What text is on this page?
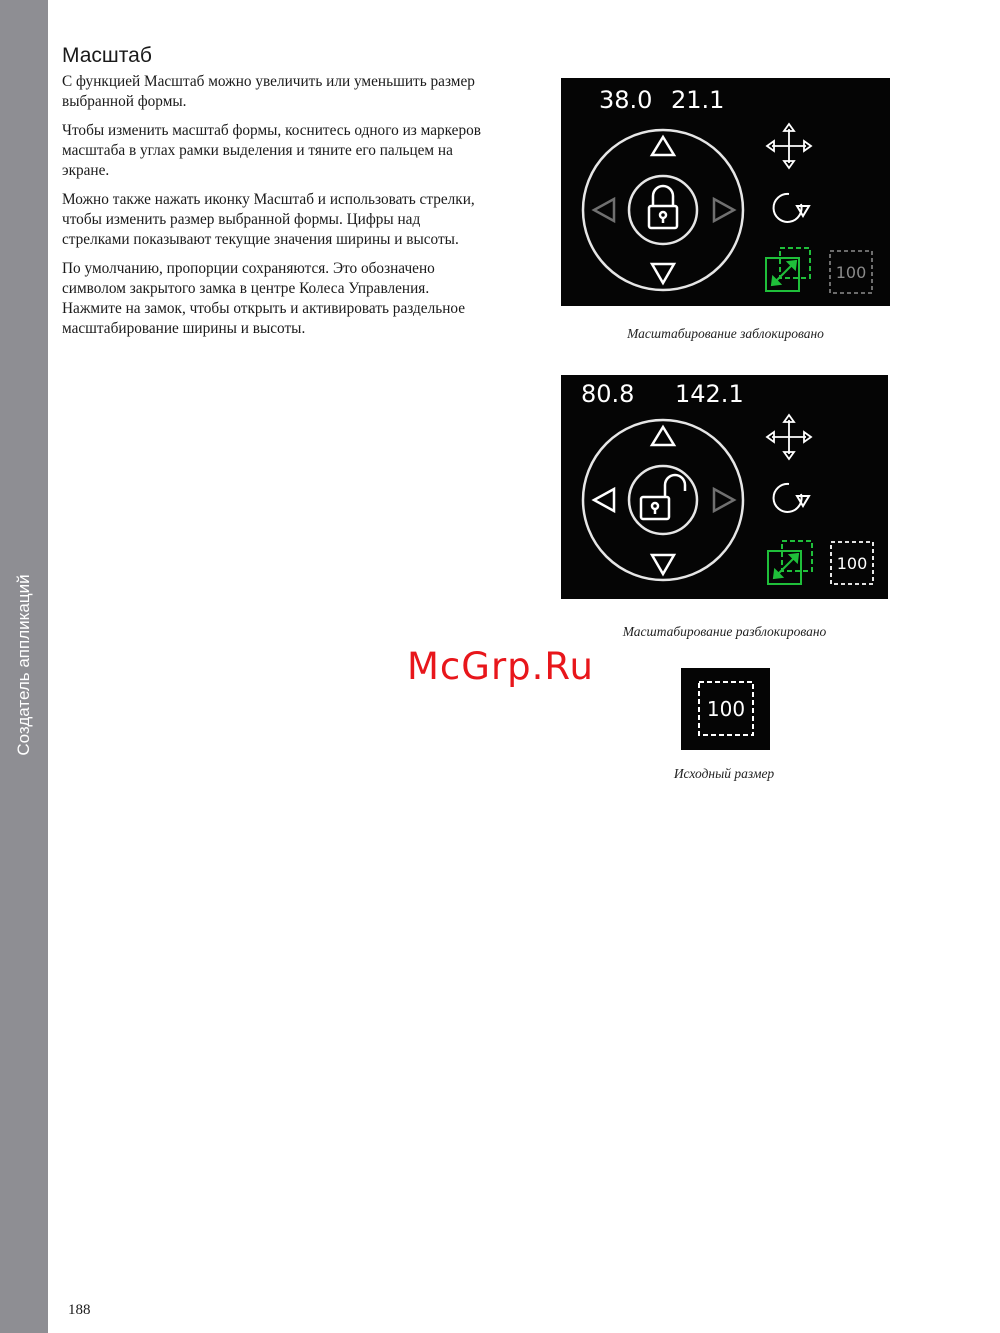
Создатель аппликаций
Масштаб

С функцией Масштаб можно увеличить или уменьшить размер выбранной формы.

Чтобы изменить масштаб формы, коснитесь одного из маркеров масштаба в углах рамки выделения и тяните его пальцем на экране.

Можно также нажать иконку Масштаб и использовать стрелки, чтобы изменить размер выбранной формы. Цифры над стрелками показывают текущие значения ширины и высоты.

По умолчанию, пропорции сохраняются. Это обозначено символом закрытого замка в центре Колеса Управления. Нажмите на замок, чтобы открыть и активировать раздельное масштабирование ширины и высоты.

38.0 21.1
100
Масштабирование заблокировано
80.8 142.1
100
Масштабирование разблокировано
McGrp.Ru
100
Исходный размер
188
